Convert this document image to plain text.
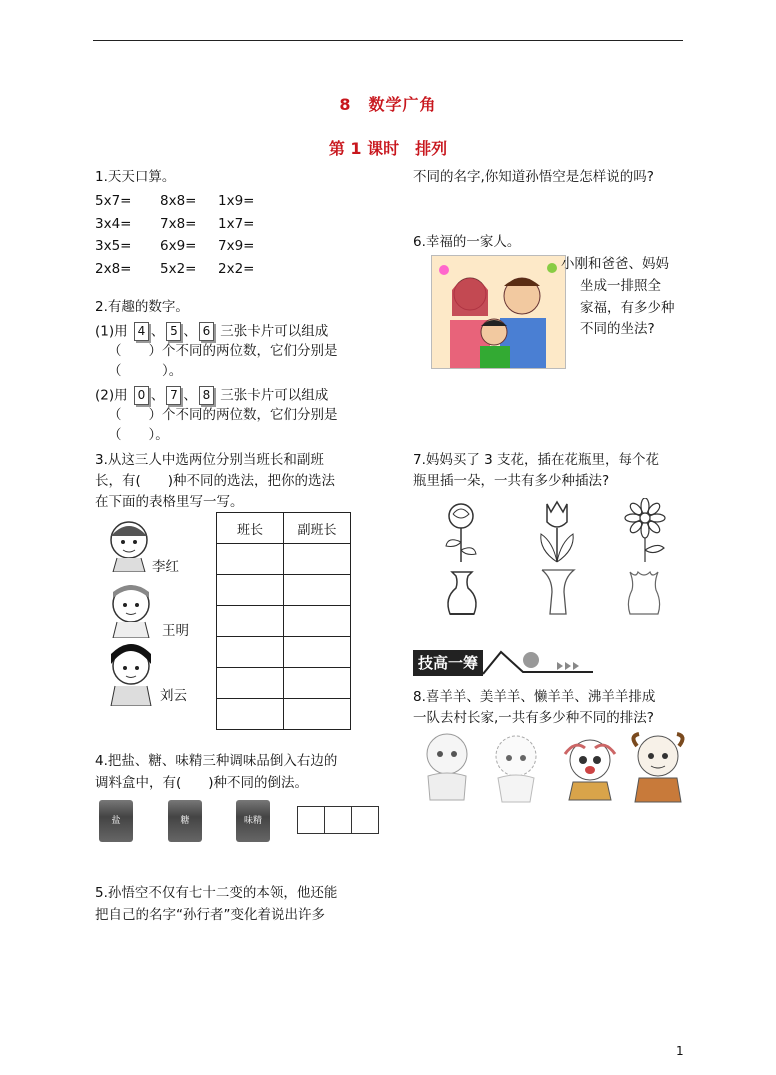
8　数学广角
第 1 课时　排列
1.天天口算。
5x7= 8x8= 1x9=
3x4= 7x8= 1x7=
3x5= 6x9= 7x9=
2x8= 5x2= 2x2=
2.有趣的数字。
(1)用 4 、 5 、 6 三张卡片可以组成
（　　）个不同的两位数，它们分别是
（　　　）。
(2)用 0 、 7 、 8 三张卡片可以组成
（　　）个不同的两位数，它们分别是
（　　）。
3.从这三人中选两位分别当班长和副班
长，有(　　)种不同的选法，把你的选法
在下面的表格里写一写。
李红
王明
刘云
班长	副班长

4.把盐、糖、味精三种调味品倒入右边的
调料盒中，有(　　)种不同的倒法。
盐	糖	味精
5.孙悟空不仅有七十二变的本领，他还能
把自己的名字“孙行者”变化着说出许多
不同的名字,你知道孙悟空是怎样说的吗?
6.幸福的一家人。
小刚和爸爸、妈妈
坐成一排照全
家福，有多少种
不同的坐法?
7.妈妈买了 3 支花，插在花瓶里，每个花
瓶里插一朵，一共有多少种插法?
技高一筹
8.喜羊羊、美羊羊、懒羊羊、沸羊羊排成
一队去村长家,一共有多少种不同的排法?
1
